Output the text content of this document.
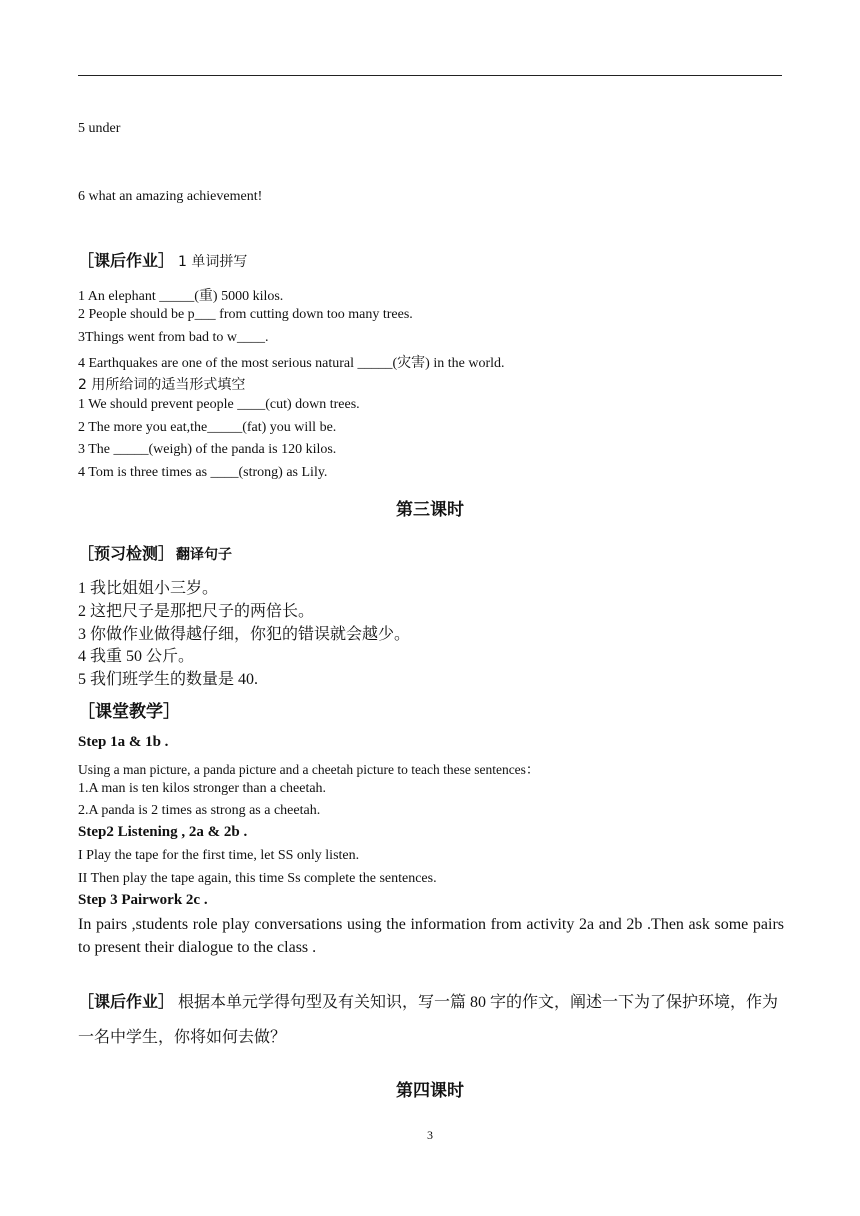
5 under
6 what an amazing achievement!
［课后作业］ 1 单词拼写
1 An elephant _____(重) 5000 kilos.
2 People should be p___ from cutting down too many trees.
3Things went from bad to w____.
4 Earthquakes are one of the most serious natural _____(灾害) in the world.
2 用所给词的适当形式填空
1 We should prevent people ____(cut) down trees.
2 The more you eat,the_____(fat) you will be.
3 The _____(weigh) of the panda is 120 kilos.
4 Tom is three times as ____(strong) as Lily.
第三课时
［预习检测］ 翻译句子
1 我比姐姐小三岁。
2 这把尺子是那把尺子的两倍长。
3 你做作业做得越仔细，你犯的错误就会越少。
4 我重 50 公斤。
5 我们班学生的数量是 40.
［课堂教学］
Step 1a & 1b .
Using a man picture, a panda picture and a cheetah picture to teach these sentences：
1.A man is ten kilos stronger than a cheetah.
2.A panda is 2 times as strong as a cheetah.
Step2 Listening , 2a & 2b .
I Play the tape for the first time, let SS only listen.
II Then play the tape again, this time Ss complete the sentences.
Step 3 Pairwork 2c .
In pairs ,students role play conversations using the information from activity 2a and 2b .Then ask some pairs to present their dialogue to the class .
［课后作业］ 根据本单元学得句型及有关知识，写一篇 80 字的作文，阐述一下为了保护环境，作为一名中学生，你将如何去做？
第四课时
3
